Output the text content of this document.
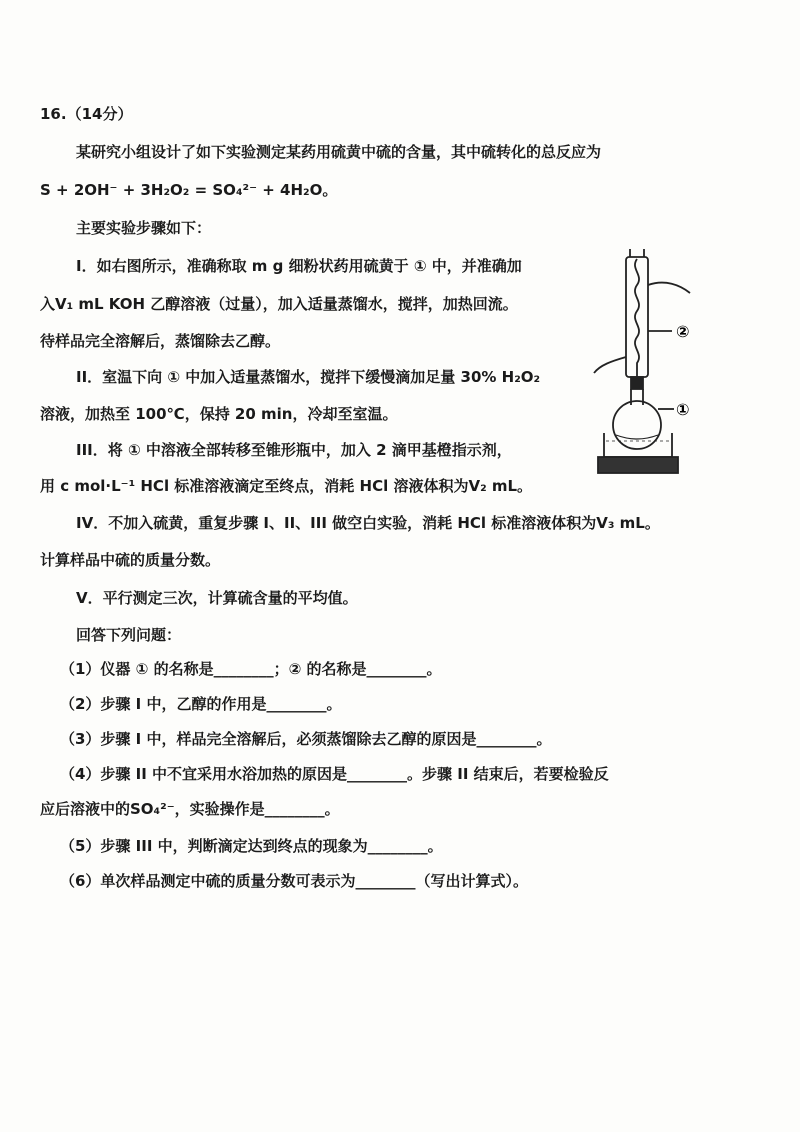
16.（14分）
某研究小组设计了如下实验测定某药用硫黄中硫的含量，其中硫转化的总反应为
S + 2OH⁻ + 3H₂O₂ = SO₄²⁻ + 4H₂O。
主要实验步骤如下：
I．如右图所示，准确称取 m g 细粉状药用硫黄于 ① 中，并准确加
入V₁ mL KOH 乙醇溶液（过量），加入适量蒸馏水，搅拌，加热回流。
待样品完全溶解后，蒸馏除去乙醇。
II．室温下向 ① 中加入适量蒸馏水，搅拌下缓慢滴加足量 30% H₂O₂
溶液，加热至 100℃，保持 20 min，冷却至室温。
III．将 ① 中溶液全部转移至锥形瓶中，加入 2 滴甲基橙指示剂，
用 c mol·L⁻¹ HCl 标准溶液滴定至终点，消耗 HCl 溶液体积为V₂ mL。
IV．不加入硫黄，重复步骤 I、II、III 做空白实验，消耗 HCl 标准溶液体积为V₃ mL。
计算样品中硫的质量分数。
V．平行测定三次，计算硫含量的平均值。
回答下列问题：
（1）仪器 ① 的名称是________；② 的名称是________。
（2）步骤 I 中，乙醇的作用是________。
（3）步骤 I 中，样品完全溶解后，必须蒸馏除去乙醇的原因是________。
（4）步骤 II 中不宜采用水浴加热的原因是________。步骤 II 结束后，若要检验反
应后溶液中的SO₄²⁻，实验操作是________。
（5）步骤 III 中，判断滴定达到终点的现象为________。
（6）单次样品测定中硫的质量分数可表示为________（写出计算式）。
②
①
